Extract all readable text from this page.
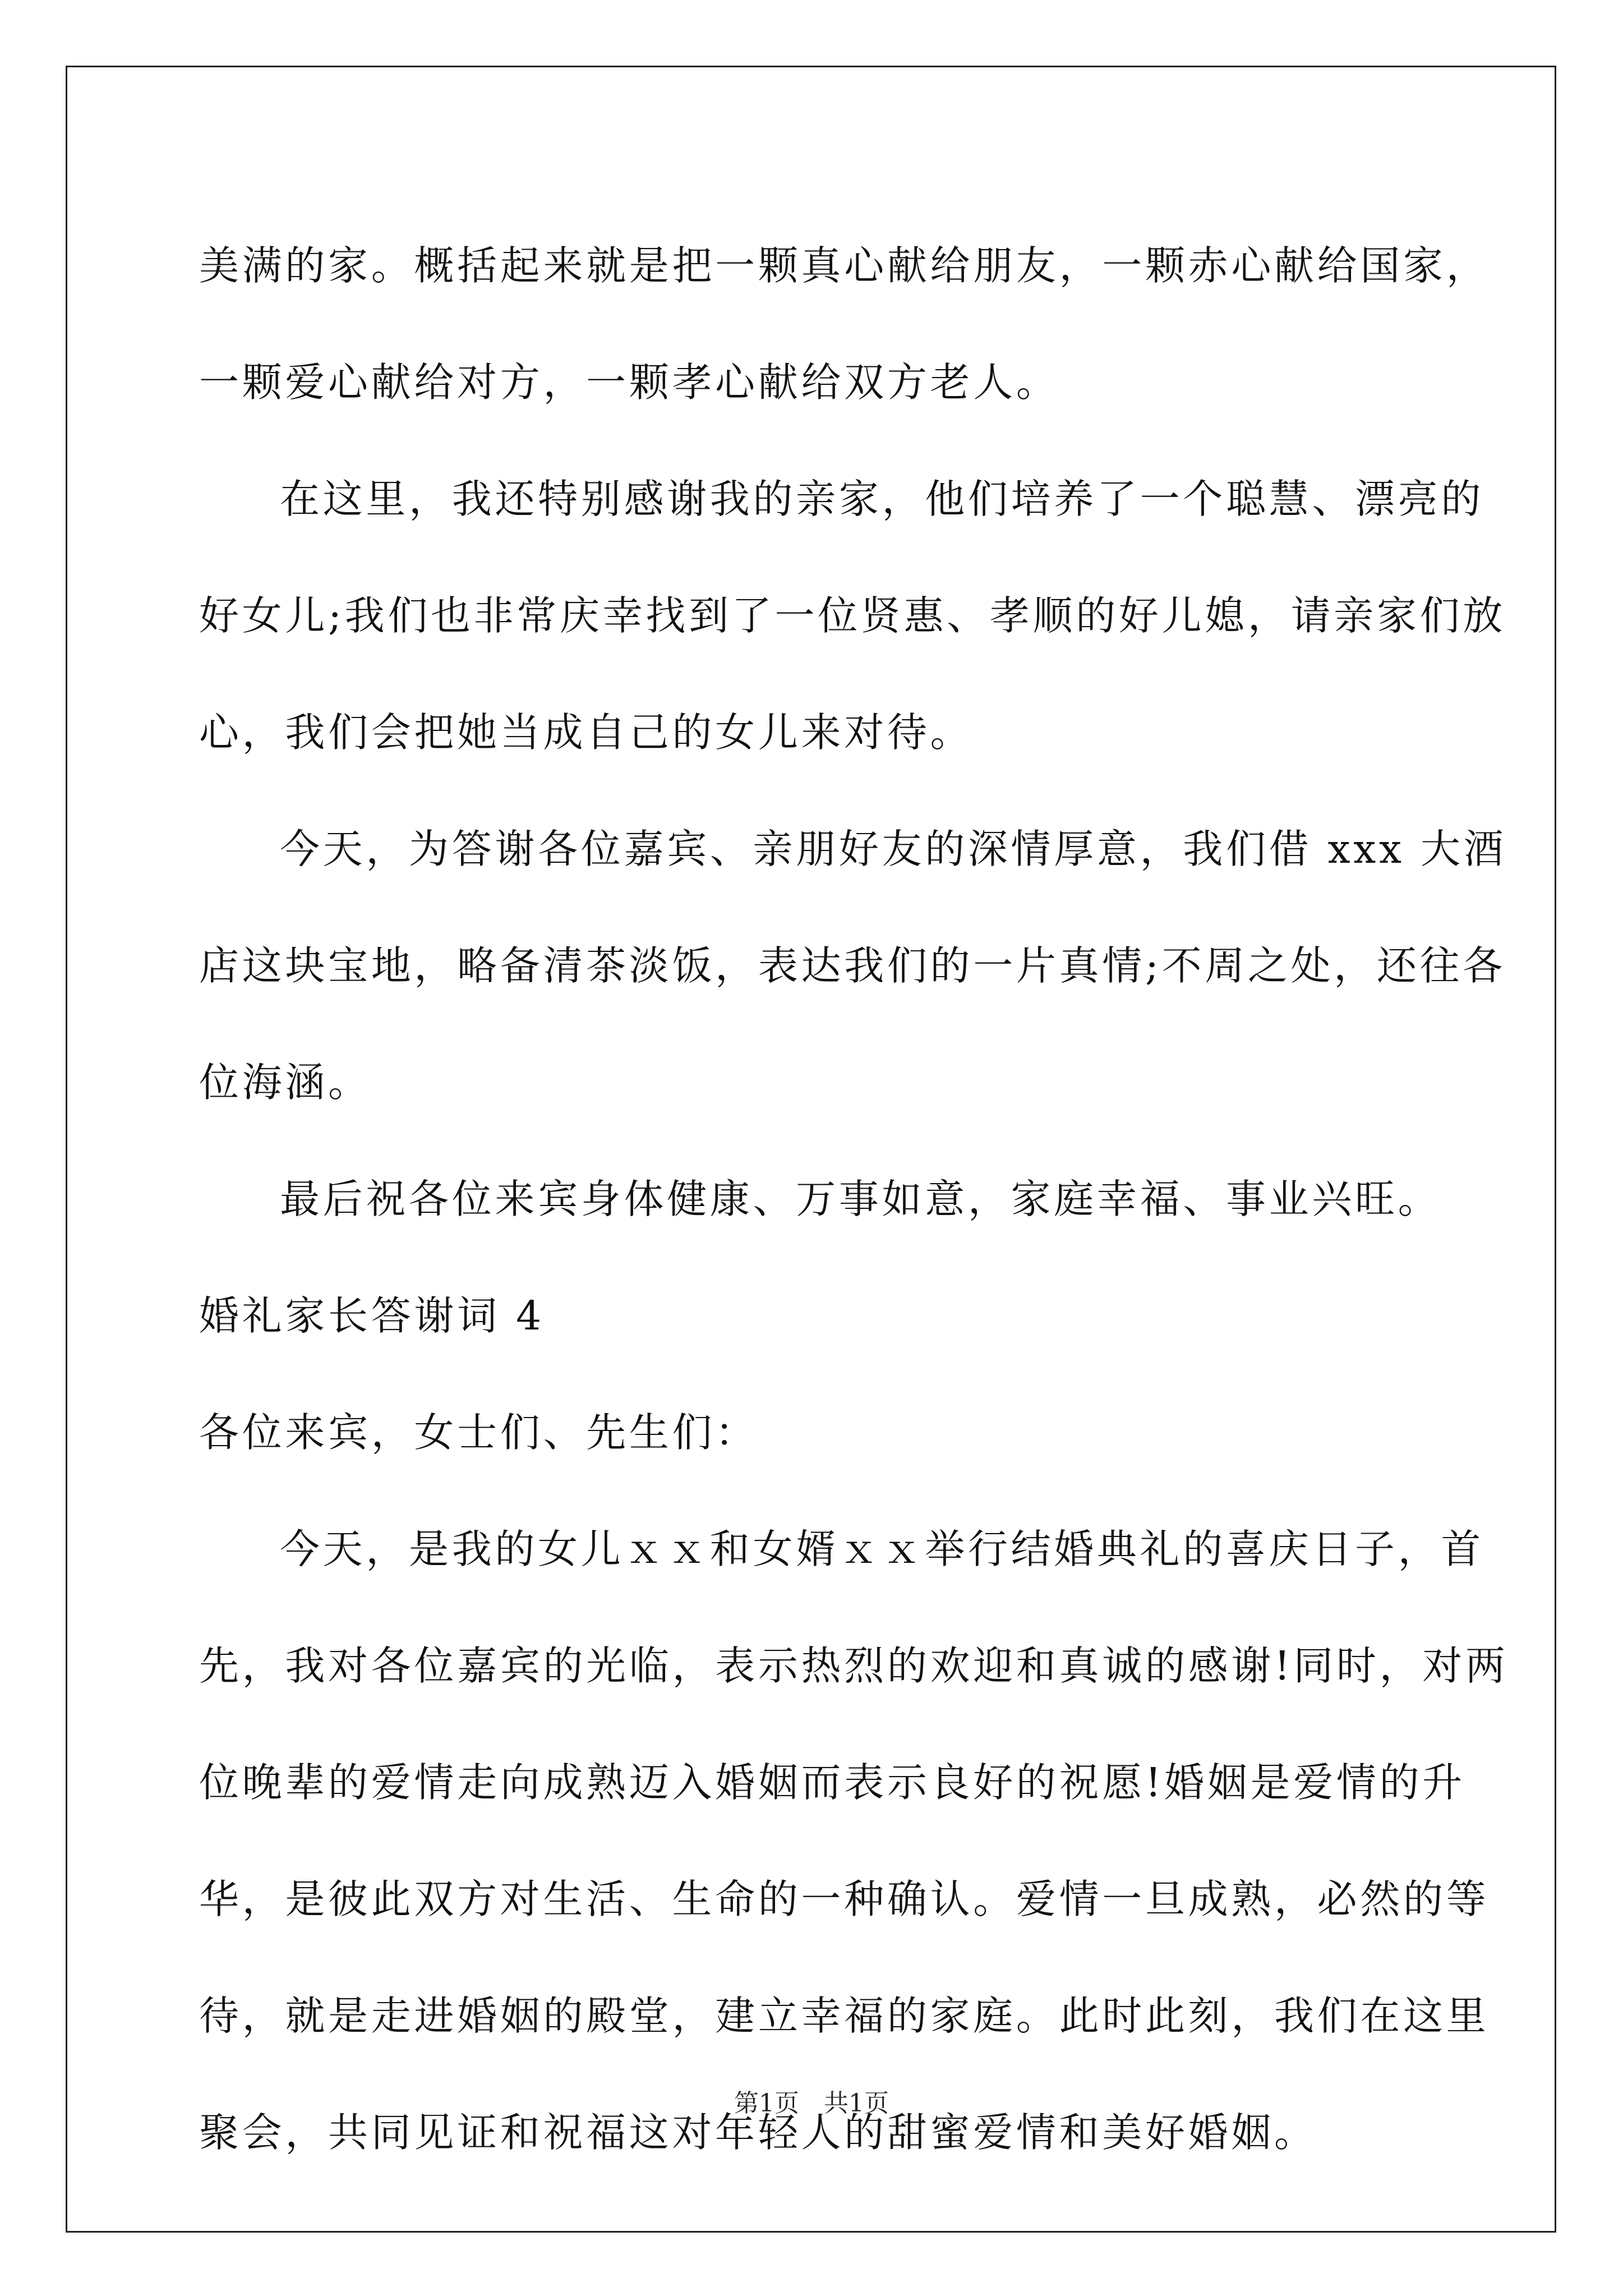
美满的家。概括起来就是把一颗真心献给朋友，一颗赤心献给国家，
一颗爱心献给对方，一颗孝心献给双方老人。
在这里，我还特别感谢我的亲家，他们培养了一个聪慧、漂亮的
好女儿;我们也非常庆幸找到了一位贤惠、孝顺的好儿媳，请亲家们放
心，我们会把她当成自己的女儿来对待。
今天，为答谢各位嘉宾、亲朋好友的深情厚意，我们借 xxx 大酒
店这块宝地，略备清茶淡饭，表达我们的一片真情;不周之处，还往各
位海涵。
最后祝各位来宾身体健康、万事如意，家庭幸福、事业兴旺。
婚礼家长答谢词 4
各位来宾，女士们、先生们：
今天，是我的女儿ｘｘ和女婿ｘｘ举行结婚典礼的喜庆日子，首
先，我对各位嘉宾的光临，表示热烈的欢迎和真诚的感谢!同时，对两
位晚辈的爱情走向成熟迈入婚姻而表示良好的祝愿!婚姻是爱情的升
华，是彼此双方对生活、生命的一种确认。爱情一旦成熟，必然的等
待，就是走进婚姻的殿堂，建立幸福的家庭。此时此刻，我们在这里
聚会，共同见证和祝福这对年轻人的甜蜜爱情和美好婚姻。
第1页　共1页
